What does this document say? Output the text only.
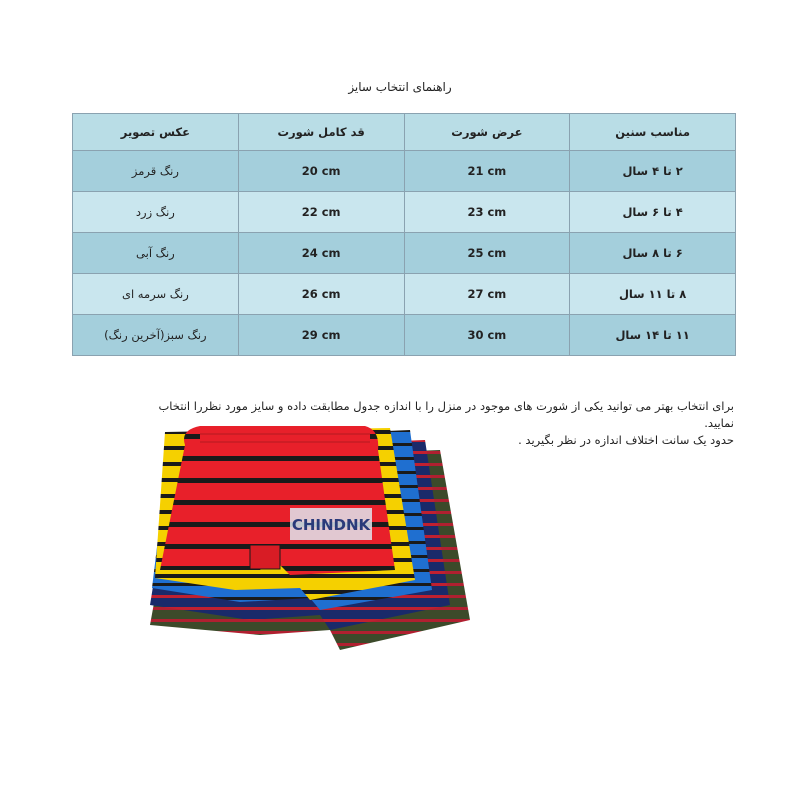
راهنمای انتخاب سایز
مناسب سنین	عرض شورت	قد کامل شورت	عکس تصویر
۲ تا ۴ سال	21 cm	20 cm	رنگ قرمز
۴ تا ۶ سال	23 cm	22 cm	رنگ زرد
۶ تا ۸ سال	25 cm	24 cm	رنگ آبی
۸ تا ۱۱ سال	27 cm	26 cm	رنگ سرمه ای
۱۱ تا ۱۴ سال	30 cm	29 cm	رنگ سبز(آخرین رنگ)

برای انتخاب بهتر می توانید یکی از شورت های موجود در منزل را با اندازه جدول مطابقت داده و سایز مورد نظررا انتخاب نمایید.

حدود یک سانت اختلاف اندازه در نظر بگیرید .

CHINDNK
